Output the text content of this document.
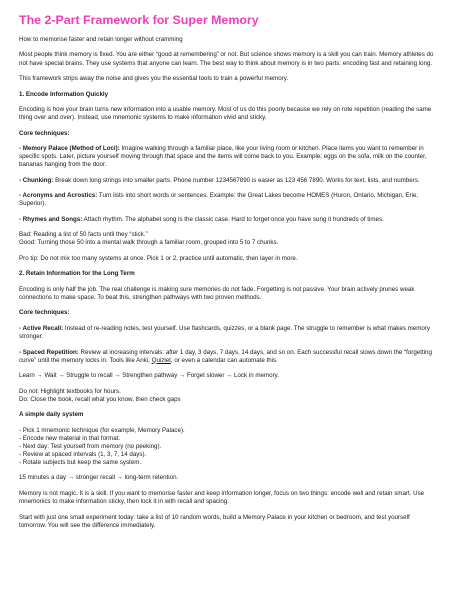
The 2-Part Framework for Super Memory
How to memorise faster and retain longer without cramming
Most people think memory is fixed. You are either “good at remembering” or not. But science shows memory is a skill you can train. Memory athletes do not have special brains. They use systems that anyone can learn. The best way to think about memory is in two parts: encoding fast and retaining long.
This framework strips away the noise and gives you the essential tools to train a powerful memory.
1. Encode Information Quickly
Encoding is how your brain turns new information into a usable memory. Most of us do this poorly because we rely on rote repetition (reading the same thing over and over). Instead, use mnemonic systems to make information vivid and sticky.
Core techniques:
- Memory Palace (Method of Loci): Imagine walking through a familiar place, like your living room or kitchen. Place items you want to remember in specific spots. Later, picture yourself moving through that space and the items will come back to you. Example: eggs on the sofa, milk on the counter, bananas hanging from the door.
- Chunking: Break down long strings into smaller parts. Phone number 1234567890 is easier as 123 456 7890. Works for text, lists, and numbers.
- Acronyms and Acrostics: Turn lists into short words or sentences. Example: the Great Lakes become HOMES (Huron, Ontario, Michigan, Erie, Superior).
- Rhymes and Songs: Attach rhythm. The alphabet song is the classic case. Hard to forget once you have sung it hundreds of times.
Bad: Reading a list of 50 facts until they “stick.”
Good: Turning those 50 into a mental walk through a familiar room, grouped into 5 to 7 chunks.
Pro tip: Do not mix too many systems at once. Pick 1 or 2, practice until automatic, then layer in more.
2. Retain Information for the Long Term
Encoding is only half the job. The real challenge is making sure memories do not fade. Forgetting is not passive. Your brain actively prunes weak connections to make space. To beat this, strengthen pathways with two proven methods.
Core techniques:
- Active Recall: Instead of re-reading notes, test yourself. Use flashcards, quizzes, or a blank page. The struggle to remember is what makes memory stronger.
- Spaced Repetition: Review at increasing intervals: after 1 day, 3 days, 7 days, 14 days, and so on. Each successful recall slows down the “forgetting curve” until the memory locks in. Tools like Anki, Quizlet, or even a calendar can automate this.
Learn → Wait → Struggle to recall → Strengthen pathway → Forget slower → Lock in memory.
Do not: Highlight textbooks for hours.
Do: Close the book, recall what you know, then check gaps
A simple daily system
- Pick 1 mnemonic technique (for example, Memory Palace).
- Encode new material in that format.
- Next day: Test yourself from memory (no peeking).
- Review at spaced intervals (1, 3, 7, 14 days).
- Rotate subjects but keep the same system.
15 minutes a day → stronger recall → long-term retention.
Memory is not magic. It is a skill. If you want to memorise faster and keep information longer, focus on two things: encode well and retain smart. Use mnemonics to make information sticky, then lock it in with recall and spacing.
Start with just one small experiment today: take a list of 10 random words, build a Memory Palace in your kitchen or bedroom, and test yourself tomorrow. You will see the difference immediately.
